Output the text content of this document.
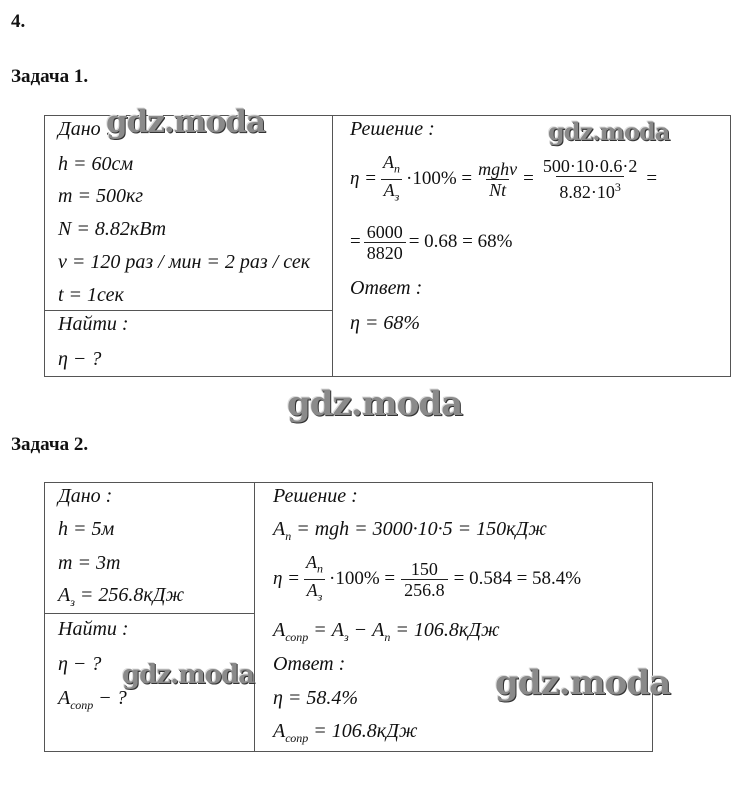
4.
Задача 1.
Дано :
h = 60см
m = 500кг
N = 8.82кВт
v = 120 раз / мин = 2 раз / сек
t = 1сек
Найти :
η − ?
Решение :
$\eta = \frac{A_п}{A_з} \cdot 100\% = \frac{\text{mghv}}{Nt} = \frac{500\cdot 10\cdot 0.6\cdot 2}{8.82\cdot 10^3}$ =
= $\frac{6000}{8820} = 0.68 = 68\%$
Ответ :
η = 68%
Задача 2.
Дано :
h = 5м
m = 3т
$A_з = 256.8кДж$
Найти :
η − ?
$A_{сопр}$ − ?
Решение :
$A_п$ = mgh = 3000·10·5 = 150кДж
$\eta = \frac{A_п}{A_з} \cdot 100\% = \frac{150}{256.8} = 0.584 = 58.4\%$
$A_{сопр} = A_з - A_п = 106.8кДж$
Ответ :
η = 58.4%
$A_{сопр} = 106.8кДж$
gdz.moda	gdz.moda
gdz.moda
gdz.moda	gdz.moda
